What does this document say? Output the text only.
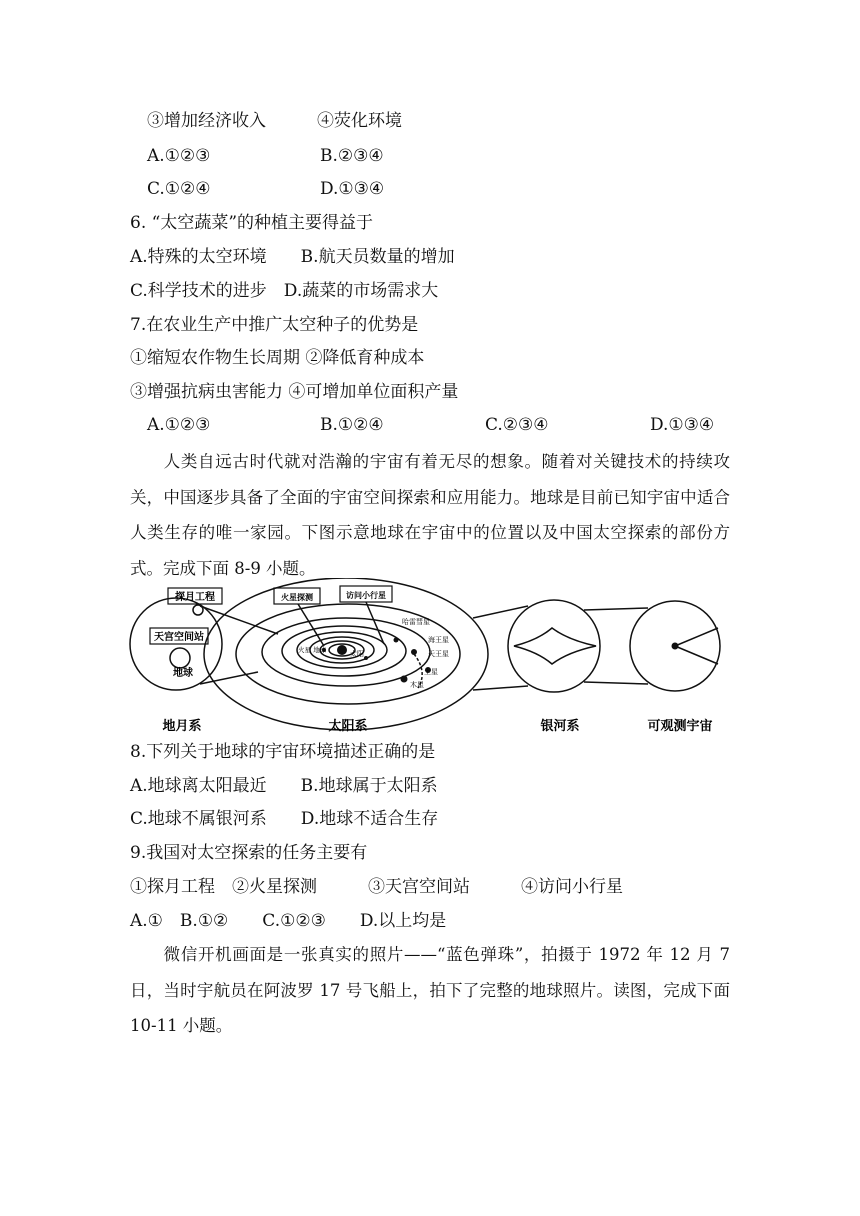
③增加经济收入　　　④荧化环境
A.①②③	B.②③④
C.①②④	D.①③④
6. “太空蔬菜”的种植主要得益于
A.特殊的太空环境　　B.航天员数量的增加
C.科学技术的进步　D.蔬菜的市场需求大
7.在农业生产中推广太空种子的优势是
①缩短农作物生长周期 ②降低育种成本
③增强抗病虫害能力 ④可增加单位面积产量
A.①②③	B.①②④	C.②③④	D.①③④
人类自远古时代就对浩瀚的宇宙有着无尽的想象。随着对关键技术的持续攻关，中国逐步具备了全面的宇宙空间探索和应用能力。地球是目前已知宇宙中适合人类生存的唯一家园。下图示意地球在宇宙中的位置以及中国太空探索的部份方式。完成下面 8-9 小题。
探月工程
天宫空间站
火星探测	访问小行星
地球
哈雷彗星
海王星
天王星
土星
木星
火星 地球	太阳
地月系	太阳系	银河系	可观测宇宙
8.下列关于地球的宇宙环境描述正确的是
A.地球离太阳最近　　B.地球属于太阳系
C.地球不属银河系　　D.地球不适合生存
9.我国对太空探索的任务主要有
①探月工程　②火星探测　　　③天宫空间站　　　④访问小行星
A.①　B.①②　　C.①②③　　D.以上均是
微信开机画面是一张真实的照片——“蓝色弹珠”，拍摄于 1972 年 12 月 7 日，当时宇航员在阿波罗 17 号飞船上，拍下了完整的地球照片。读图，完成下面 10-11 小题。
